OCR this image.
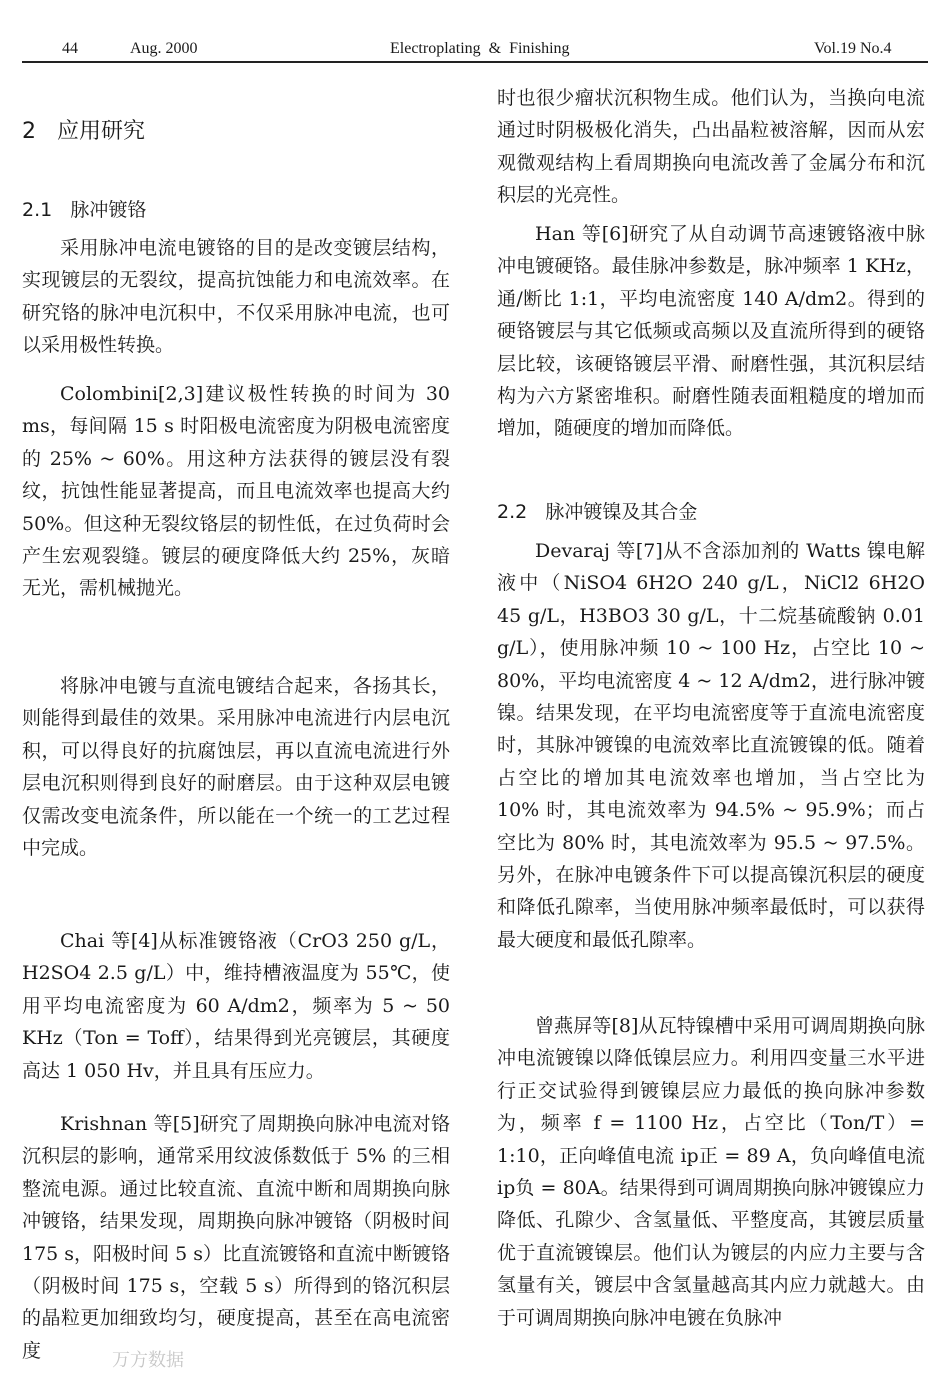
44	Aug. 2000	Electroplating  &  Finishing	Vol.19 No.4
2 应用研究
2.1 脉冲镀铬

采用脉冲电流电镀铬的目的是改变镀层结构，实现镀层的无裂纹，提高抗蚀能力和电流效率。在研究铬的脉冲电沉积中，不仅采用脉冲电流，也可以采用极性转换。

Colombini[2,3]建议极性转换的时间为 30 ms，每间隔 15 s 时阳极电流密度为阴极电流密度的 25% ~ 60%。用这种方法获得的镀层没有裂纹，抗蚀性能显著提高，而且电流效率也提高大约 50%。但这种无裂纹铬层的韧性低，在过负荷时会产生宏观裂缝。镀层的硬度降低大约 25%，灰暗无光，需机械抛光。

将脉冲电镀与直流电镀结合起来，各扬其长，则能得到最佳的效果。采用脉冲电流进行内层电沉积，可以得良好的抗腐蚀层，再以直流电流进行外层电沉积则得到良好的耐磨层。由于这种双层电镀仅需改变电流条件，所以能在一个统一的工艺过程中完成。

Chai 等[4]从标准镀铬液（CrO3 250 g/L，H2SO4 2.5 g/L）中，维持槽液温度为 55℃，使用平均电流密度为 60 A/dm2，频率为 5 ~ 50 KHz（Ton = Toff），结果得到光亮镀层，其硬度高达 1 050 Hv，并且具有压应力。

Krishnan 等[5]研究了周期换向脉冲电流对铬沉积层的影响，通常采用纹波係数低于 5% 的三相整流电源。通过比较直流、直流中断和周期换向脉冲镀铬，结果发现，周期换向脉冲镀铬（阴极时间 175 s，阳极时间 5 s）比直流镀铬和直流中断镀铬（阴极时间 175 s，空载 5 s）所得到的铬沉积层的晶粒更加细致均匀，硬度提高，甚至在高电流密度

时也很少瘤状沉积物生成。他们认为，当换向电流通过时阴极极化消失，凸出晶粒被溶解，因而从宏观微观结构上看周期换向电流改善了金属分布和沉积层的光亮性。

Han 等[6]研究了从自动调节高速镀铬液中脉冲电镀硬铬。最佳脉冲参数是，脉冲频率 1 KHz，通/断比 1:1，平均电流密度 140 A/dm2。得到的硬铬镀层与其它低频或高频以及直流所得到的硬铬层比较，该硬铬镀层平滑、耐磨性强，其沉积层结构为六方紧密堆积。耐磨性随表面粗糙度的增加而增加，随硬度的增加而降低。

2.2 脉冲镀镍及其合金

Devaraj 等[7]从不含添加剂的 Watts 镍电解液中（NiSO4 6H2O 240 g/L，NiCl2 6H2O 45 g/L，H3BO3 30 g/L，十二烷基硫酸钠 0.01 g/L），使用脉冲频 10 ~ 100 Hz，占空比 10 ~ 80%，平均电流密度 4 ~ 12 A/dm2，进行脉冲镀镍。结果发现，在平均电流密度等于直流电流密度时，其脉冲镀镍的电流效率比直流镀镍的低。随着占空比的增加其电流效率也增加，当占空比为 10% 时，其电流效率为 94.5% ~ 95.9%；而占空比为 80% 时，其电流效率为 95.5 ~ 97.5%。另外，在脉冲电镀条件下可以提高镍沉积层的硬度和降低孔隙率，当使用脉冲频率最低时，可以获得最大硬度和最低孔隙率。

曾燕屏等[8]从瓦特镍槽中采用可调周期换向脉冲电流镀镍以降低镍层应力。利用四变量三水平进行正交试验得到镀镍层应力最低的换向脉冲参数为，频率 f = 1100 Hz，占空比（Ton/T）= 1:10，正向峰值电流 ip正 = 89 A，负向峰值电流 ip负 = 80A。结果得到可调周期换向脉冲镀镍应力降低、孔隙少、含氢量低、平整度高，其镀层质量优于直流镀镍层。他们认为镀层的内应力主要与含氢量有关，镀层中含氢量越高其内应力就越大。由于可调周期换向脉冲电镀在负脉冲

万方数据
